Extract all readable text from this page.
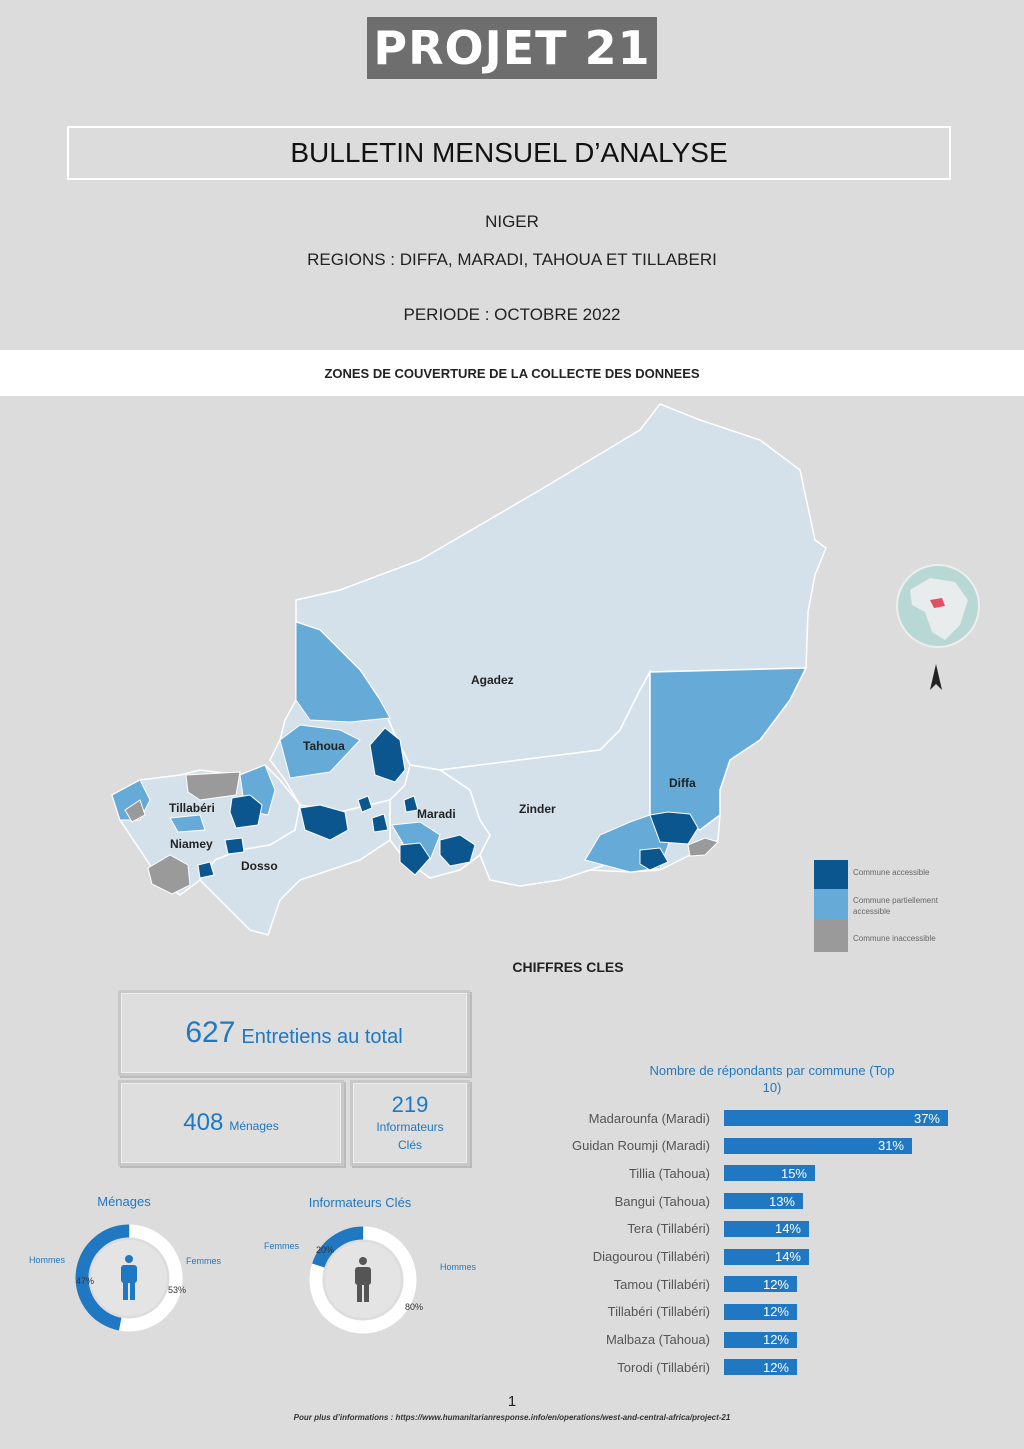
PROJET 21
BULLETIN MENSUEL D’ANALYSE
NIGER
REGIONS : DIFFA, MARADI, TAHOUA ET TILLABERI
PERIODE : OCTOBRE 2022
ZONES DE COUVERTURE DE LA COLLECTE DES DONNEES
Agadez
Tahoua
Diffa
Tillabéri
Niamey
Dosso
Maradi	Zinder
Commune accessible
Commune partiellement accessible
Commune inaccessible
CHIFFRES CLES
627 Entretiens au total
408 Ménages
219
Informateurs Clés
Ménages
Hommes	Femmes
47%
53%
Informateurs Clés
Femmes
Hommes
20%
80%
Nombre de répondants par commune (Top 10)
Madarounfa (Maradi)	37%
Guidan Roumji (Maradi)	31%
Tillia (Tahoua)	15%
Bangui (Tahoua)	13%
Tera (Tillabéri)	14%
Diagourou (Tillabéri)	14%
Tamou (Tillabéri)	12%
Tillabéri (Tillabéri)	12%
Malbaza (Tahoua)	12%
Torodi (Tillabéri)	12%
1
Pour plus d’informations : https://www.humanitarianresponse.info/en/operations/west-and-central-africa/project-21
